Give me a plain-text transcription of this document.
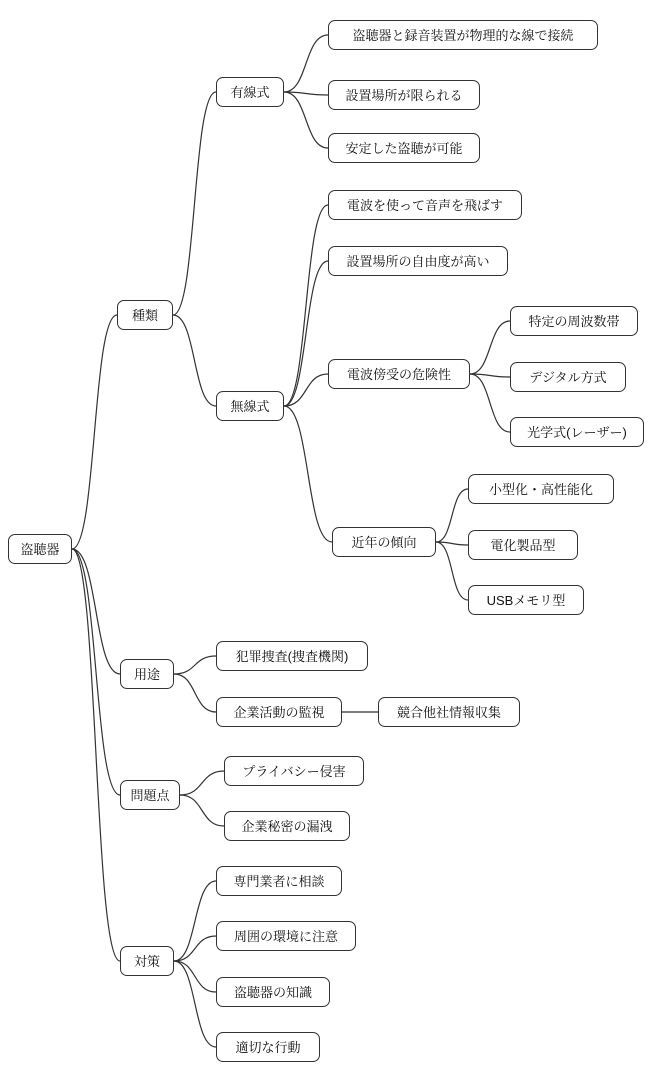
盗聴器
種類
有線式
盗聴器と録音装置が物理的な線で接続
設置場所が限られる
安定した盗聴が可能
無線式
電波を使って音声を飛ばす
設置場所の自由度が高い
電波傍受の危険性
特定の周波数帯
デジタル方式
光学式(レーザー)
近年の傾向
小型化・高性能化
電化製品型
USBメモリ型
用途
犯罪捜査(捜査機関)
企業活動の監視	競合他社情報収集
問題点
プライバシー侵害
企業秘密の漏洩
対策
専門業者に相談
周囲の環境に注意
盗聴器の知識
適切な行動
